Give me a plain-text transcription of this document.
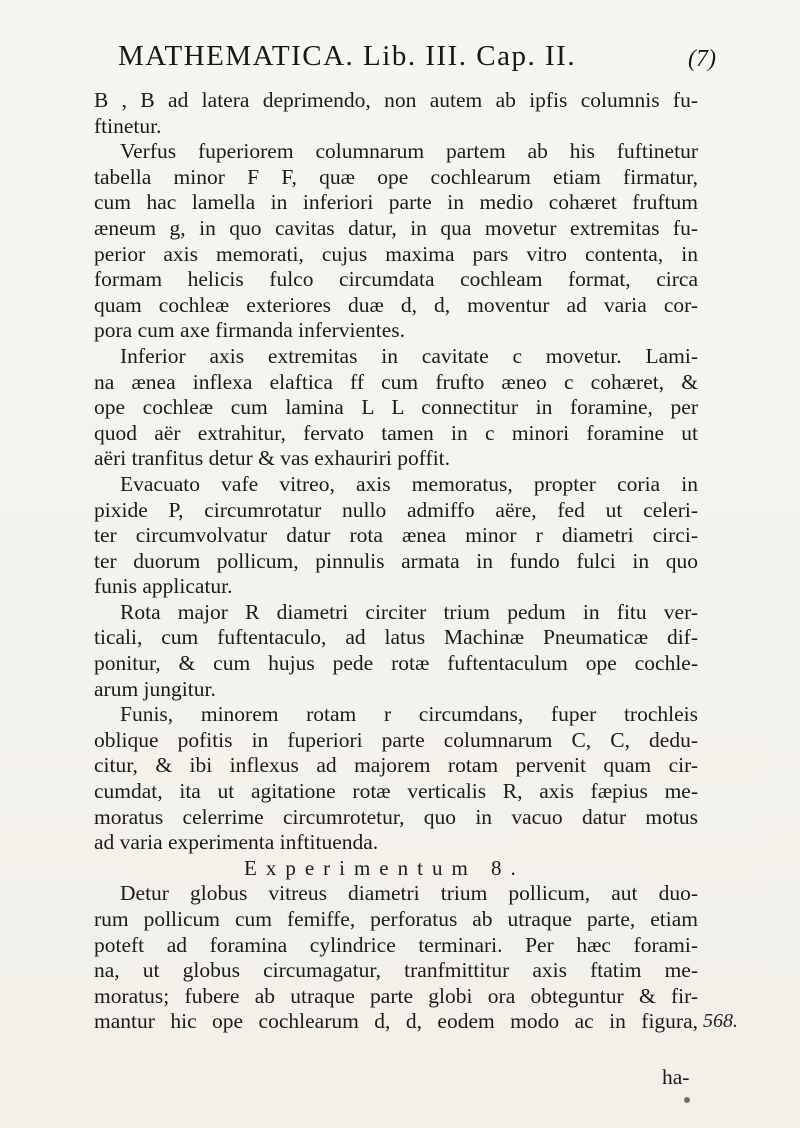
MATHEMATICA. Lib. III. Cap. II.	(7)
B , B ad latera deprimendo, non autem ab ipfis columnis fu-
ftinetur.
Verfus fuperiorem columnarum partem ab his fuftinetur
tabella minor F F, quæ ope cochlearum etiam firmatur,
cum hac lamella in inferiori parte in medio cohæret fruftum
æneum g, in quo cavitas datur, in qua movetur extremitas fu-
perior axis memorati, cujus maxima pars vitro contenta, in
formam helicis fulco circumdata cochleam format, circa
quam cochleæ exteriores duæ d, d, moventur ad varia cor-
pora cum axe firmanda infervientes.
Inferior axis extremitas in cavitate c movetur. Lami-
na ænea inflexa elaftica ff cum frufto æneo c cohæret, &
ope cochleæ cum lamina L L connectitur in foramine, per
quod aër extrahitur, fervato tamen in c minori foramine ut
aëri tranfitus detur & vas exhauriri poffit.
Evacuato vafe vitreo, axis memoratus, propter coria in
pixide P, circumrotatur nullo admiffo aëre, fed ut celeri-
ter circumvolvatur datur rota ænea minor r diametri circi-
ter duorum pollicum, pinnulis armata in fundo fulci in quo
funis applicatur.
Rota major R diametri circiter trium pedum in fitu ver-
ticali, cum fuftentaculo, ad latus Machinæ Pneumaticæ dif-
ponitur, & cum hujus pede rotæ fuftentaculum ope cochle-
arum jungitur.
Funis, minorem rotam r circumdans, fuper trochleis
oblique pofitis in fuperiori parte columnarum C, C, dedu-
citur, & ibi inflexus ad majorem rotam pervenit quam cir-
cumdat, ita ut agitatione rotæ verticalis R, axis fæpius me-
moratus celerrime circumrotetur, quo in vacuo datur motus
ad varia experimenta inftituenda.
Experimentum 8.
Detur globus vitreus diametri trium pollicum, aut duo-
rum pollicum cum femiffe, perforatus ab utraque parte, etiam
poteft ad foramina cylindrice terminari. Per hæc forami-
na, ut globus circumagatur, tranfmittitur axis ftatim me-
moratus; fubere ab utraque parte globi ora obteguntur & fir-
mantur hic ope cochlearum d, d, eodem modo ac in figura, 568.
ha-
